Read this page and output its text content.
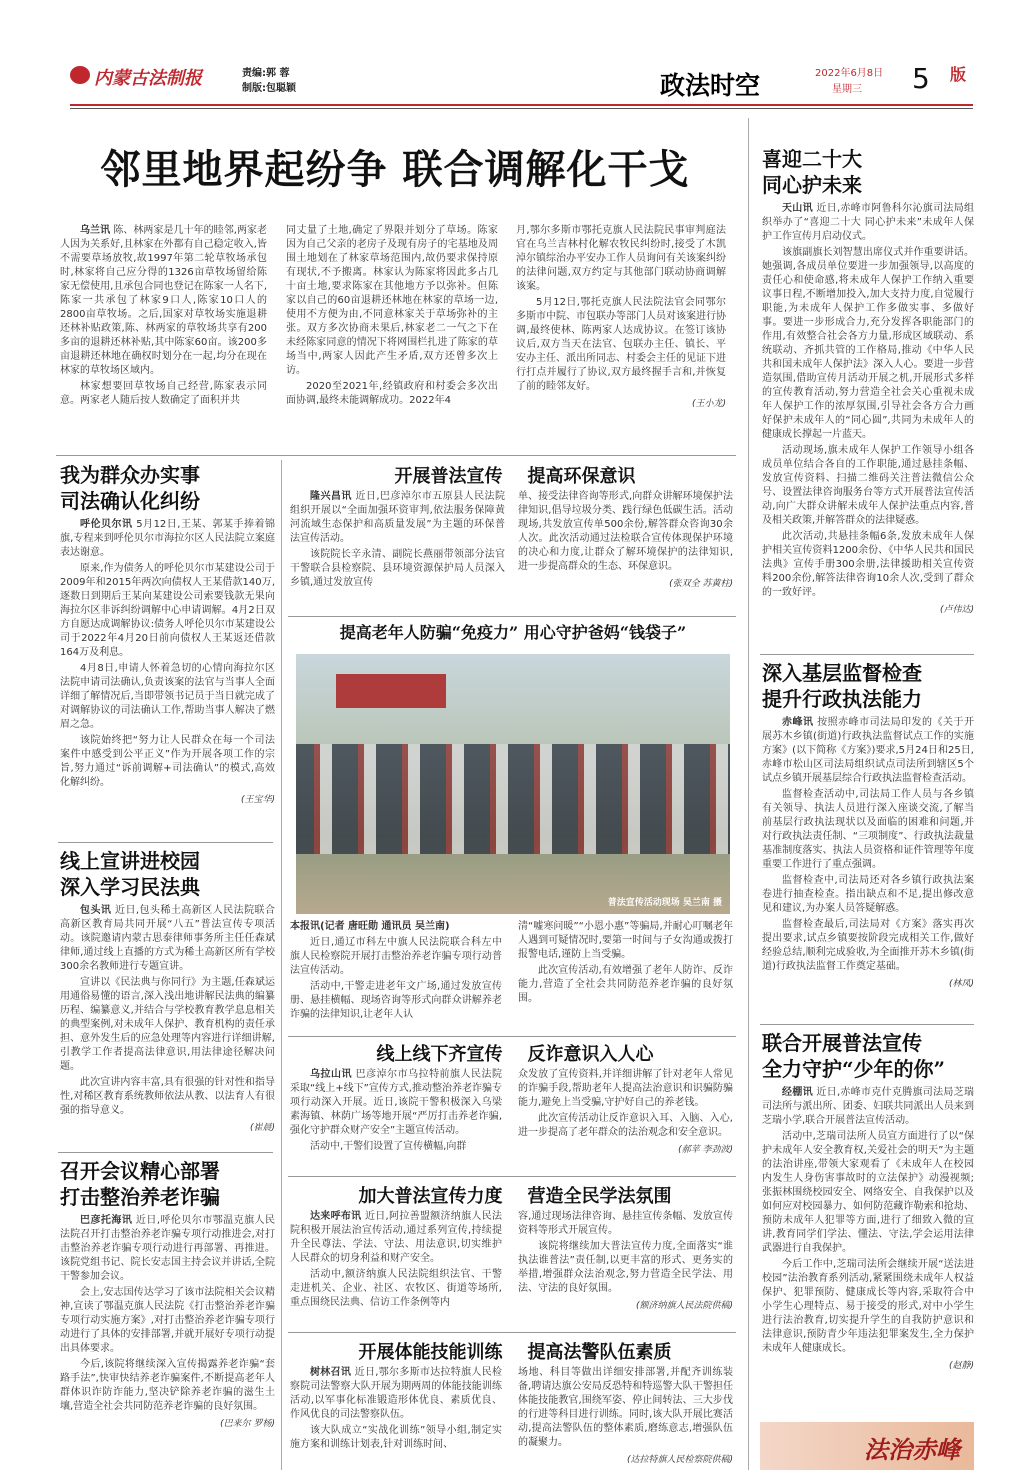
内蒙古法制报	责编:郭 蓉
制版:包聪颖	政法时空	2022年6月8日
星期三 5 版
邻里地界起纷争 联合调解化干戈

乌兰讯 陈、林两家是几十年的睦邻,两家老人因为关系好,且林家在外都有自己稳定收入,皆不需要草场放牧,故1997年第二轮草牧场承包时,林家将自己应分得的1326亩草牧场留给陈家无偿使用,且承包合同也登记在陈家一人名下,陈家一共承包了林家9口人,陈家10口人的2800亩草牧场。之后,国家对草牧场实施退耕还林补贴政策,陈、林两家的草牧场共享有200多亩的退耕还林补贴,其中陈家60亩。该200多亩退耕还林地在确权时划分在一起,均分在现在林家的草牧场区域内。

林家想要回草牧场自己经营,陈家表示同意。两家老人随后按人数确定了面积并共

同丈量了土地,确定了界限并划分了草场。陈家因为自己父亲的老房子及现有房子的宅基地及周围土地划在了林家草场范围内,故仍要求保持原有现状,不予搬离。林家认为陈家将因此多占几十亩土地,要求陈家在其他地方予以弥补。但陈家以自己的60亩退耕还林地在林家的草场一边,使用不方便为由,不同意林家关于草场弥补的主张。双方多次协商未果后,林家老二一气之下在未经陈家同意的情况下将网围栏扎进了陈家的草场当中,两家人因此产生矛盾,双方还曾多次上访。

2020至2021年,经镇政府和村委会多次出面协调,最终未能调解成功。2022年4

月,鄂尔多斯市鄂托克旗人民法院民事审判庭法官在乌兰吉林村化解农牧民纠纷时,接受了木凯淖尔镇综治办平安办工作人员询问有关该案纠纷的法律问题,双方约定与其他部门联动协商调解该案。

5月12日,鄂托克旗人民法院法官会同鄂尔多斯市中院、市包联办等部门人员对该案进行协调,最终使林、陈两家人达成协议。在签订该协议后,双方当天在法官、包联办主任、镇长、平安办主任、派出所同志、村委会主任的见证下进行打点并履行了协议,双方最终握手言和,并恢复了前的睦邻友好。

(王小龙)

我为群众办实事

司法确认化纠纷

呼伦贝尔讯 5月12日,王某、郭某手捧着锦旗,专程来到呼伦贝尔市海拉尔区人民法院立案庭表达谢意。

原来,作为债务人的呼伦贝尔市某建设公司于2009年和2015年两次向债权人王某借款140万,逐数日到期后王某向某建设公司索要钱款无果向海拉尔区非诉纠纷调解中心申请调解。4月2日双方自愿达成调解协议:债务人呼伦贝尔市某建设公司于2022年4月20日前向债权人王某返还借款164万及利息。

4月8日,申请人怀着急切的心情向海拉尔区法院申请司法确认,负责该案的法官与当事人全面详细了解情况后,当即带领书记员于当日就完成了对调解协议的司法确认工作,帮助当事人解决了燃眉之急。

该院始终把“努力让人民群众在每一个司法案件中感受到公平正义”作为开展各项工作的宗旨,努力通过“诉前调解+司法确认”的模式,高效化解纠纷。

(王宝华)

线上宣讲进校园

深入学习民法典

包头讯 近日,包头稀土高新区人民法院联合高新区教育局共同开展“八五”普法宣传专项活动。该院邀请内蒙古思泰律师事务所主任任森斌律师,通过线上直播的方式为稀土高新区所有学校300余名教师进行专题宣讲。

宣讲以《民法典与你同行》为主题,任森斌运用通俗易懂的语言,深入浅出地讲解民法典的编纂历程、编纂意义,并结合与学校教育教学息息相关的典型案例,对未成年人保护、教育机构的责任承担、意外发生后的应急处理等内容进行详细讲解,引教学工作者提高法律意识,用法律途径解决问题。

此次宣讲内容丰富,具有很强的针对性和指导性,对稀区教育系统教师依法从教、以法育人有很强的指导意义。

(崔晨)

召开会议精心部署

打击整治养老诈骗

巴彦托海讯 近日,呼伦贝尔市鄂温克旗人民法院召开打击整治养老诈骗专项行动推进会,对打击整治养老诈骗专项行动进行再部署、再推进。该院党组书记、院长安志国主持会议并讲话,全院干警参加会议。

会上,安志国传达学习了该市法院相关会议精神,宣读了鄂温克旗人民法院《打击整治养老诈骗专项行动实施方案》,对打击整治养老诈骗专项行动进行了具体的安排部署,并就开展好专项行动提出具体要求。

今后,该院将继续深入宣传揭露养老诈骗“套路手法”,快审快结养老诈骗案件,不断提高老年人群体识诈防诈能力,坚决铲除养老诈骗的滋生土壤,营造全社会共同防范养老诈骗的良好氛围。

(巴来尔 罗杨)

开展普法宣传    提高环保意识

隆兴昌讯 近日,巴彦淖尔市五原县人民法院组织开展以“全面加强环资审判,依法服务保障黄河流域生态保护和高质量发展”为主题的环保普法宣传活动。

该院院长辛永清、副院长燕丽带领部分法官干警联合县检察院、县环境资源保护局人员深入乡镇,通过发放宣传

单、接受法律咨询等形式,向群众讲解环境保护法律知识,倡导垃圾分类、践行绿色低碳生活。活动现场,共发放宣传单500余份,解答群众咨询30余人次。此次活动通过法检联合宣传体现保护环境的决心和力度,让群众了解环境保护的法律知识,进一步提高群众的生态、环保意识。

(张双全 苏黄柱)

提高老年人防骗“免疫力” 用心守护爸妈“钱袋子”
普法宣传活动现场 吴兰南 摄

本报讯(记者 唐旺勋 通讯员 吴兰南)

近日,通辽市科左中旗人民法院联合科左中旗人民检察院开展打击整治养老诈骗专项行动普法宣传活动。

活动中,干警走进老年文广场,通过发放宣传册、悬挂横幅、现场咨询等形式向群众讲解养老诈骗的法律知识,让老年人认

清“嘘寒问暖”“小恩小惠”等骗局,并耐心叮嘱老年人遇到可疑情况时,要第一时间与子女沟通或拨打报警电话,谨防上当受骗。

此次宣传活动,有效增强了老年人防诈、反诈能力,营造了全社会共同防范养老诈骗的良好氛围。

线上线下齐宣传    反诈意识入人心

乌拉山讯 巴彦淖尔市乌拉特前旗人民法院采取“线上+线下”宣传方式,推动整治养老诈骗专项行动深入开展。近日,该院干警积极深入乌梁素海镇、林荫广场等地开展“严厉打击养老诈骗,强化守护群众财产安全”主题宣传活动。

活动中,干警们设置了宣传横幅,向群

众发放了宣传资料,并详细讲解了针对老年人常见的诈骗手段,帮助老年人提高法治意识和识骗防骗能力,避免上当受骗,守护好自己的养老钱。

此次宣传活动让反诈意识入耳、入脑、入心,进一步提高了老年群众的法治观念和安全意识。

(郝苹 李劲波)

加大普法宣传力度    营造全民学法氛围

达来呼布讯 近日,阿拉善盟额济纳旗人民法院积极开展法治宣传活动,通过系列宣传,持续提升全民尊法、学法、守法、用法意识,切实维护人民群众的切身利益和财产安全。

活动中,额济纳旗人民法院组织法官、干警走进机关、企业、社区、农牧区、街道等场所,重点围绕民法典、信访工作条例等内

容,通过现场法律咨询、悬挂宣传条幅、发放宣传资料等形式开展宣传。

该院将继续加大普法宣传力度,全面落实“谁执法谁普法”责任制,以更丰富的形式、更务实的举措,增强群众法治观念,努力营造全民学法、用法、守法的良好氛围。

(额济纳旗人民法院供稿)

开展体能技能训练    提高法警队伍素质

树林召讯 近日,鄂尔多斯市达拉特旗人民检察院司法警察大队开展为期两周的体能技能训练活动,以军事化标准锻造形体优良、素质优良、作风优良的司法警察队伍。

该大队成立“实战化训练”领导小组,制定实施方案和训练计划表,针对训练时间、

场地、科目等做出详细安排部署,并配齐训练装备,聘请达旗公安局反恐特和特巡警大队干警担任体能技能教官,围绕军姿、停止间转法、三大步伐的行进等科目进行训练。同时,该大队开展比赛活动,提高法警队伍的整体素质,磨练意志,增强队伍的凝聚力。

(达拉特旗人民检察院供稿)

喜迎二十大

同心护未来

天山讯 近日,赤峰市阿鲁科尔沁旗司法局组织举办了“喜迎二十大 同心护未来”未成年人保护工作宣传月启动仪式。

该旗副旗长刘智慧出席仪式并作重要讲话。她强调,各成员单位要进一步加强领导,以高度的责任心和使命感,将未成年人保护工作纳入重要议事日程,不断增加投入,加大支持力度,自觉履行职能,为未成年人保护工作多做实事、多做好事。要进一步形成合力,充分发挥各职能部门的作用,有效整合社会各方力量,形成区域联动、系统联动、齐抓共管的工作格局,推动《中华人民共和国未成年人保护法》深入人心。要进一步营造氛围,借助宣传月活动开展之机,开展形式多样的宣传教育活动,努力营造全社会关心重视未成年人保护工作的浓厚氛围,引导社会各方合力画好保护未成年人的“同心圆”,共同为未成年人的健康成长撑起一片蓝天。

活动现场,旗未成年人保护工作领导小组各成员单位结合各自的工作职能,通过悬挂条幅、发放宣传资料、扫描二维码关注普法微信公众号、设置法律咨询服务台等方式开展普法宣传活动,向广大群众讲解未成年人保护法重点内容,普及相关政策,并解答群众的法律疑惑。

此次活动,共悬挂条幅6条,发放未成年人保护相关宣传资料1200余份、《中华人民共和国民法典》宣传手册300余册,法律援助相关宣传资料200余份,解答法律咨询10余人次,受到了群众的一致好评。

(卢伟达)

深入基层监督检查

提升行政执法能力

赤峰讯 按照赤峰市司法局印发的《关于开展苏木乡镇(街道)行政执法监督试点工作的实施方案》(以下简称《方案》)要求,5月24日和25日,赤峰市松山区司法局组织试点司法所到辖区5个试点乡镇开展基层综合行政执法监督检查活动。

监督检查活动中,司法局工作人员与各乡镇有关领导、执法人员进行深入座谈交流,了解当前基层行政执法现状以及面临的困难和问题,并对行政执法责任制、“三项制度”、行政执法裁量基准制度落实、执法人员资格和证件管理等年度重要工作进行了重点强调。

监督检查中,司法局还对各乡镇行政执法案卷进行抽查检查。指出缺点和不足,提出修改意见和建议,为办案人员答疑解惑。

监督检查最后,司法局对《方案》落实再次提出要求,试点乡镇要按阶段完成相关工作,做好经验总结,顺利完成验收,为全面推开苏木乡镇(街道)行政执法监督工作奠定基础。

(林凤)

联合开展普法宣传

全力守护“少年的你”

经棚讯 近日,赤峰市克什克腾旗司法局芝瑞司法所与派出所、团委、妇联共同派出人员来到芝瑞小学,联合开展普法宣传活动。

活动中,芝瑞司法所人员宣方面进行了以“保护未成年人安全教育权,关爱社会的明天”为主题的法治讲座,带领大家观看了《未成年人在校园内发生人身伤害事故时的立法保护》动漫视频;张振林围绕校园安全、网络安全、自我保护以及如何应对校园暴力、如何防范藏诈勒索和抢劫、预防未成年人犯罪等方面,进行了细致入微的宣讲,教育同学们学法、懂法、守法,学会运用法律武器进行自我保护。

今后工作中,芝瑞司法所会继续开展“送法进校园”法治教育系列活动,紧紧围绕未成年人权益保护、犯罪预防、健康成长等内容,采取符合中小学生心理特点、易于接受的形式,对中小学生进行法治教育,切实提升学生的自我防护意识和法律意识,预防青少年违法犯罪案发生,全力保护未成年人健康成长。

(赵静)

法治赤峰
